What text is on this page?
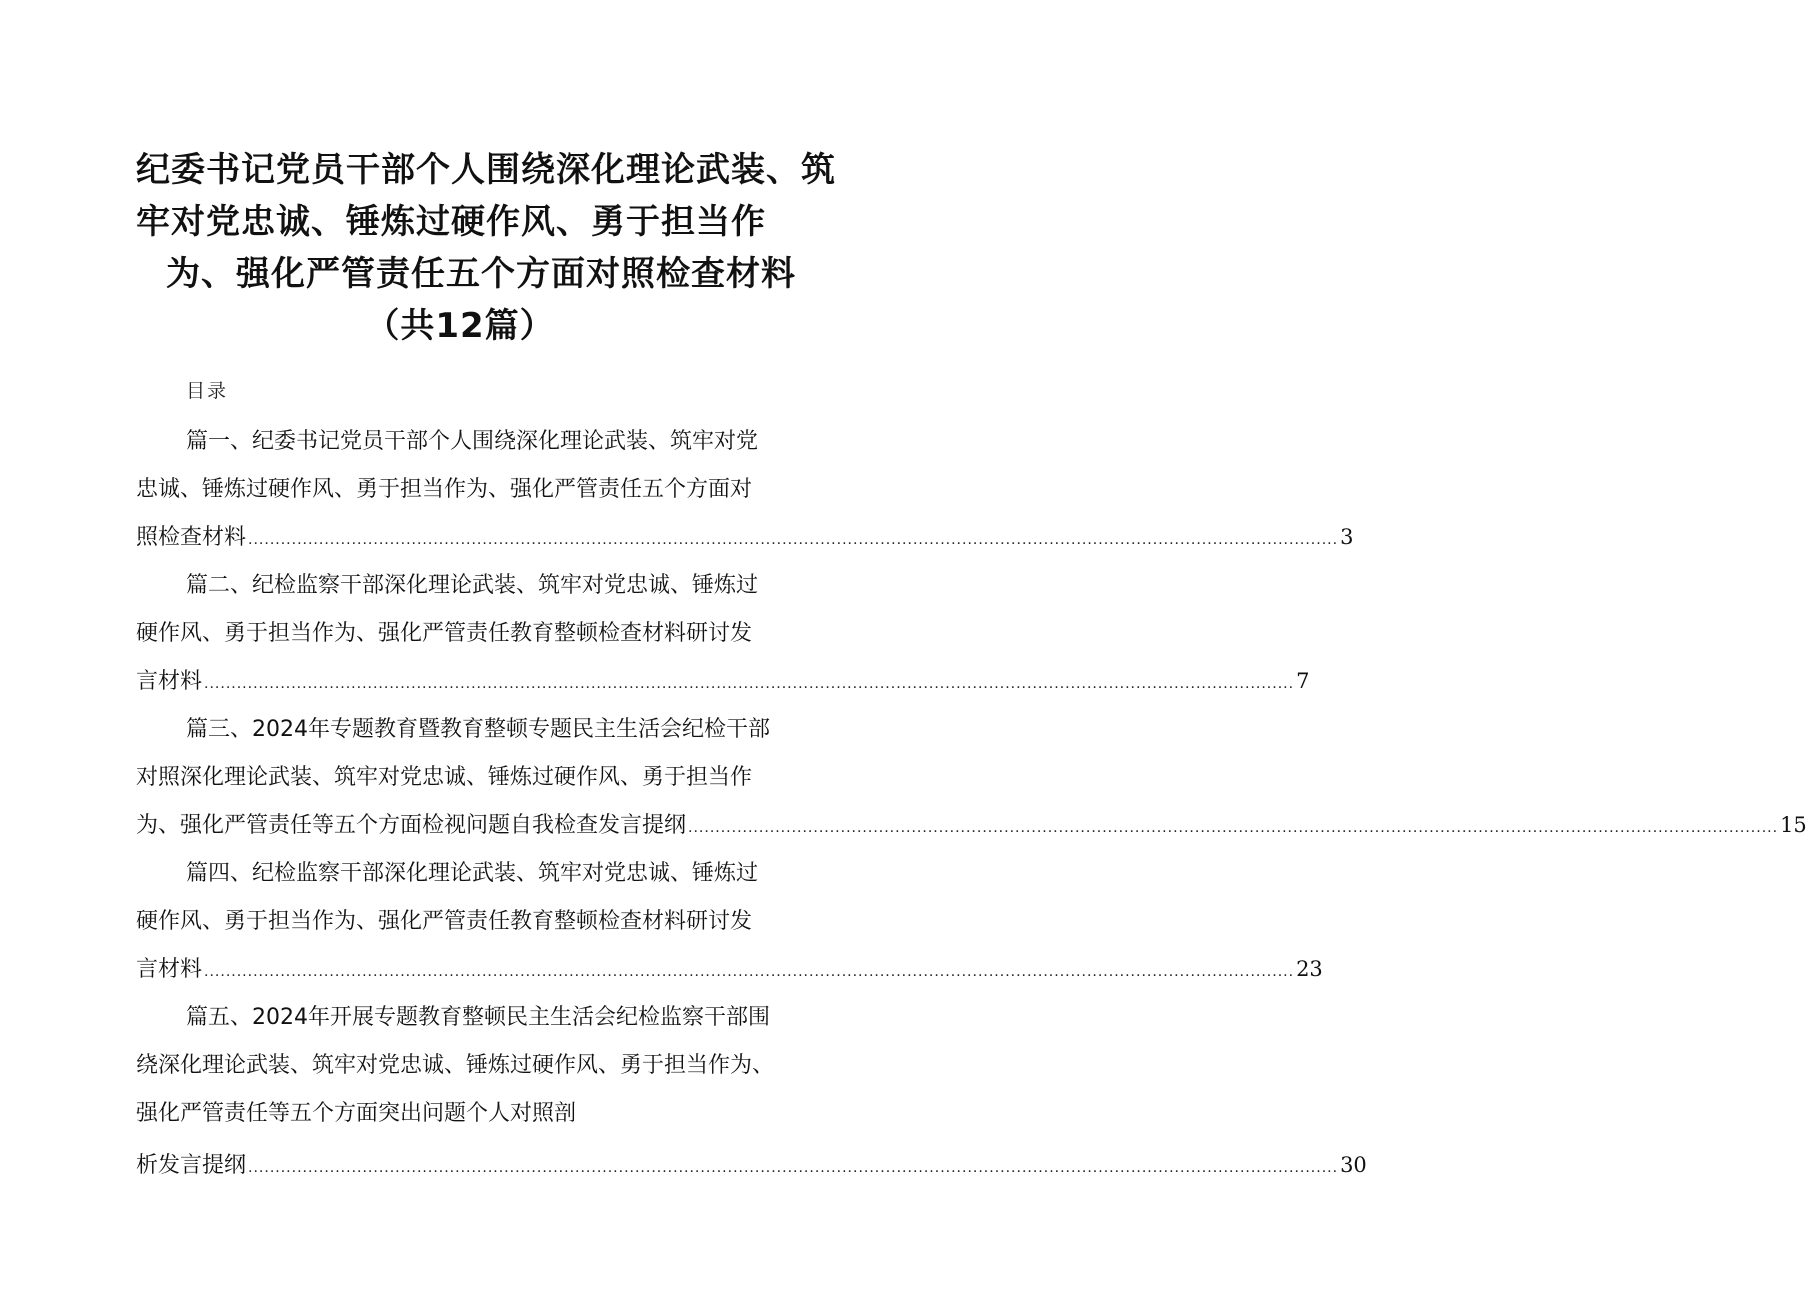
纪委书记党员干部个人围绕深化理论武装、筑
牢对党忠诚、锤炼过硬作风、勇于担当作
为、强化严管责任五个方面对照检查材料
（共12篇）
目录
篇一、纪委书记党员干部个人围绕深化理论武装、筑牢对党
忠诚、锤炼过硬作风、勇于担当作为、强化严管责任五个方面对
照检查材料 ........................................................................................................................................................................................................ 3
篇二、纪检监察干部深化理论武装、筑牢对党忠诚、锤炼过
硬作风、勇于担当作为、强化严管责任教育整顿检查材料研讨发
言材料 ........................................................................................................................................................................................................ 7
篇三、2024年专题教育暨教育整顿专题民主生活会纪检干部
对照深化理论武装、筑牢对党忠诚、锤炼过硬作风、勇于担当作
为、强化严管责任等五个方面检视问题自我检查发言提纲 ........................................................................................................................................................................................................ 15
篇四、纪检监察干部深化理论武装、筑牢对党忠诚、锤炼过
硬作风、勇于担当作为、强化严管责任教育整顿检查材料研讨发
言材料 ........................................................................................................................................................................................................ 23
篇五、2024年开展专题教育整顿民主生活会纪检监察干部围
绕深化理论武装、筑牢对党忠诚、锤炼过硬作风、勇于担当作为、
强化严管责任等五个方面突出问题个人对照剖
析发言提纲 ........................................................................................................................................................................................................ 30
